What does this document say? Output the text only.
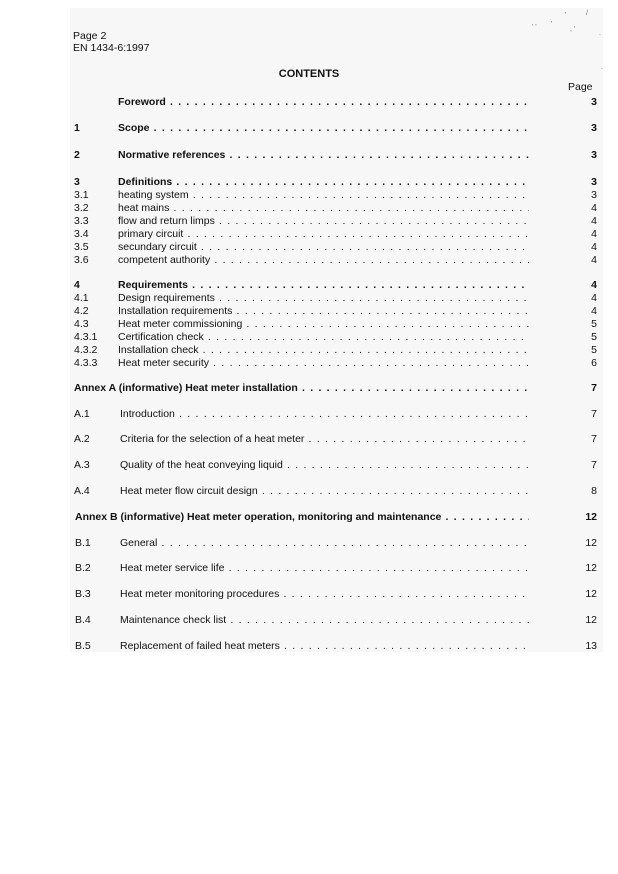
' ' '
'
, '
/
.
.
Page 2
EN 1434-6:1997
CONTENTS
Page
Foreword . . .	3
1	Scope . . .	3
2	Normative references . . .	3
3	Definitions . . .	3
3.1	heating system . . .	3
3.2	heat mains . . .	4
3.3	flow and return limps . . .	4
3.4	primary circuit . . .	4
3.5	secundary circuit . . .	4
3.6	competent authority . . .	4
4	Requirements . . .	4
4.1	Design requirements . . .	4
4.2	Installation requirements . . .	4
4.3	Heat meter commissioning . . .	5
4.3.1 Certification check . . .	5
4.3.2 Installation check . . .	5
4.3.3 Heat meter security . . .	6
Annex A (informative) Heat meter installation . . .	7
A.1	Introduction . . .	7
A.2	Criteria for the selection of a heat meter . . .	7
A.3	Quality of the heat conveying liquid . . .	7
A.4	Heat meter flow circuit design . . .	8
Annex B (informative) Heat meter operation, monitoring and maintenance . . .	12
B.1	General . . .	12
B.2	Heat meter service life . . .	12
B.3	Heat meter monitoring procedures . . .	12
B.4	Maintenance check list . . .	12
B.5	Replacement of failed heat meters . . .	13
